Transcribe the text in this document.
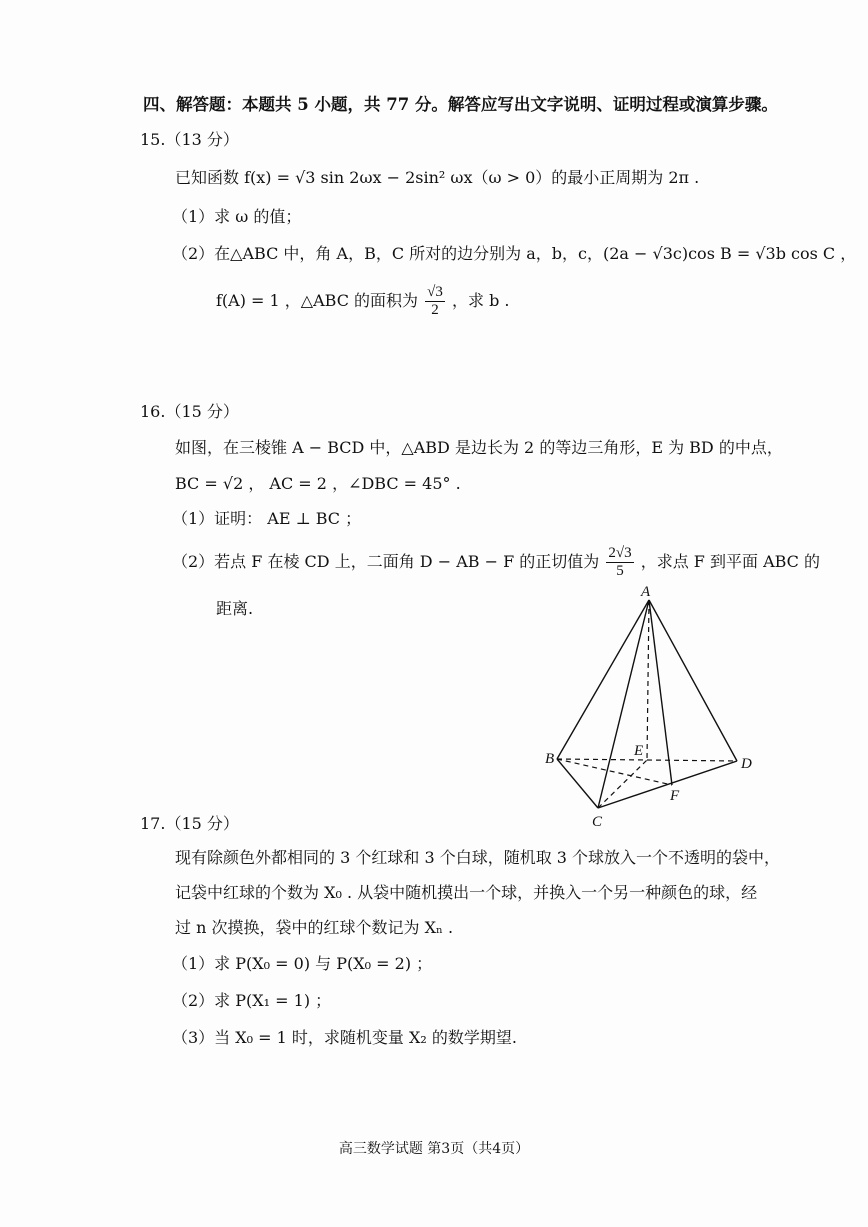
四、解答题：本题共 5 小题，共 77 分。解答应写出文字说明、证明过程或演算步骤。
15.（13 分）
已知函数 f(x) = √3 sin 2ωx − 2sin² ωx（ω > 0）的最小正周期为 2π .
（1）求 ω 的值；
（2）在△ABC 中，角 A，B，C 所对的边分别为 a，b，c，(2a − √3c)cos B = √3b cos C ，
f(A) = 1 ，△ABC 的面积为 $\frac{√3}{2}$ ，求 b .
16.（15 分）
如图，在三棱锥 A − BCD 中，△ABD 是边长为 2 的等边三角形，E 为 BD 的中点，
BC = √2 ， AC = 2 ，∠DBC = 45° .
（1）证明： AE ⊥ BC ；
（2）若点 F 在棱 CD 上，二面角 D − AB − F 的正切值为 $\frac{2√3}{5}$ ，求点 F 到平面 ABC 的
距离.
A
B
C
D
E
F
17.（15 分）
现有除颜色外都相同的 3 个红球和 3 个白球，随机取 3 个球放入一个不透明的袋中，
记袋中红球的个数为 X₀ . 从袋中随机摸出一个球，并换入一个另一种颜色的球，经
过 n 次摸换，袋中的红球个数记为 Xₙ .
（1）求 P(X₀ = 0) 与 P(X₀ = 2) ；
（2）求 P(X₁ = 1) ；
（3）当 X₀ = 1 时，求随机变量 X₂ 的数学期望.
高三数学试题 第3页（共4页）
